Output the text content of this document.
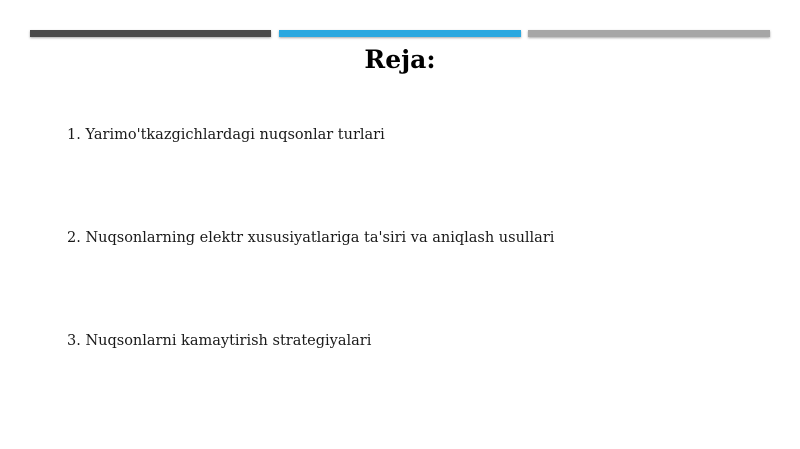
Reja:
1. Yarimo'tkazgichlardagi nuqsonlar turlari
2. Nuqsonlarning elektr xususiyatlariga ta'siri va aniqlash usullari
3. Nuqsonlarni kamaytirish strategiyalari
